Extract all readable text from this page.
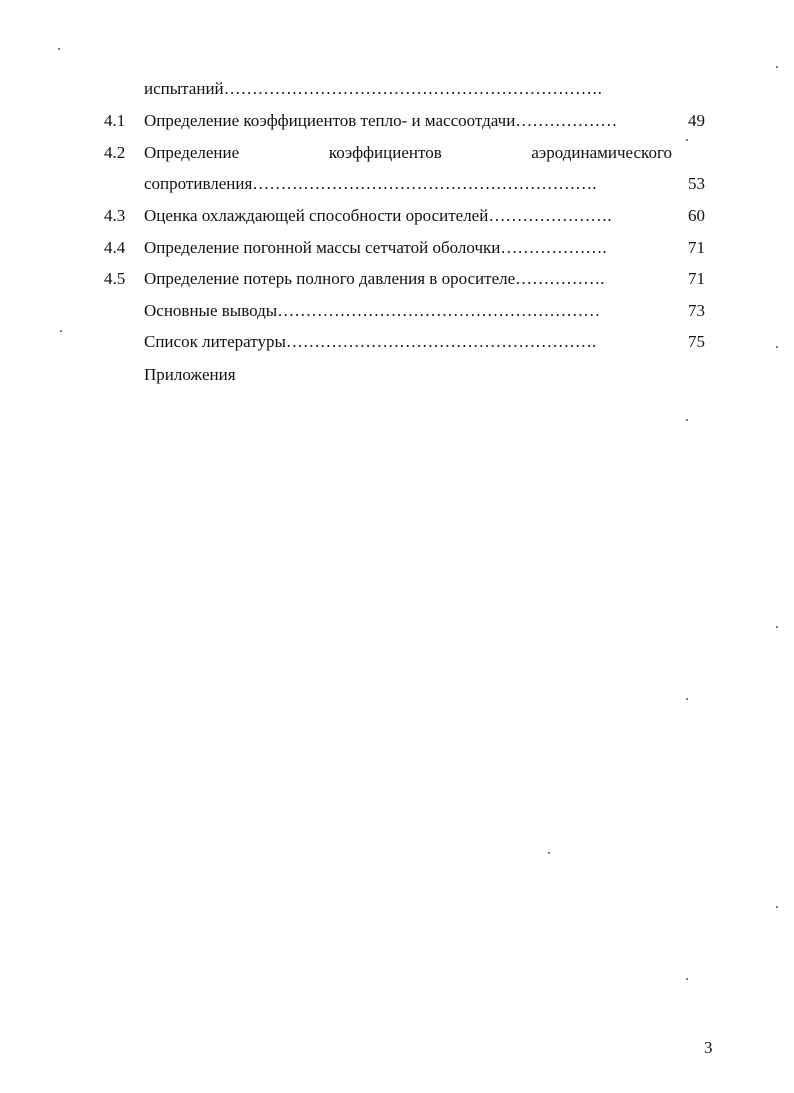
испытаний………………………………………………………….
4.1 Определение коэффициентов тепло- и массоотдачи………………	49
4.2 Определение	коэффициентов	аэродинамического
сопротивления…………………………………………………….	53
4.3 Оценка охлаждающей способности оросителей………………….	60
4.4 Определение погонной массы сетчатой оболочки……………….	71
4.5 Определение потерь полного давления в оросителе…………….	71
Основные выводы…………………………………………………	73
Список литературы……………………………………………….	75
Приложения
3
